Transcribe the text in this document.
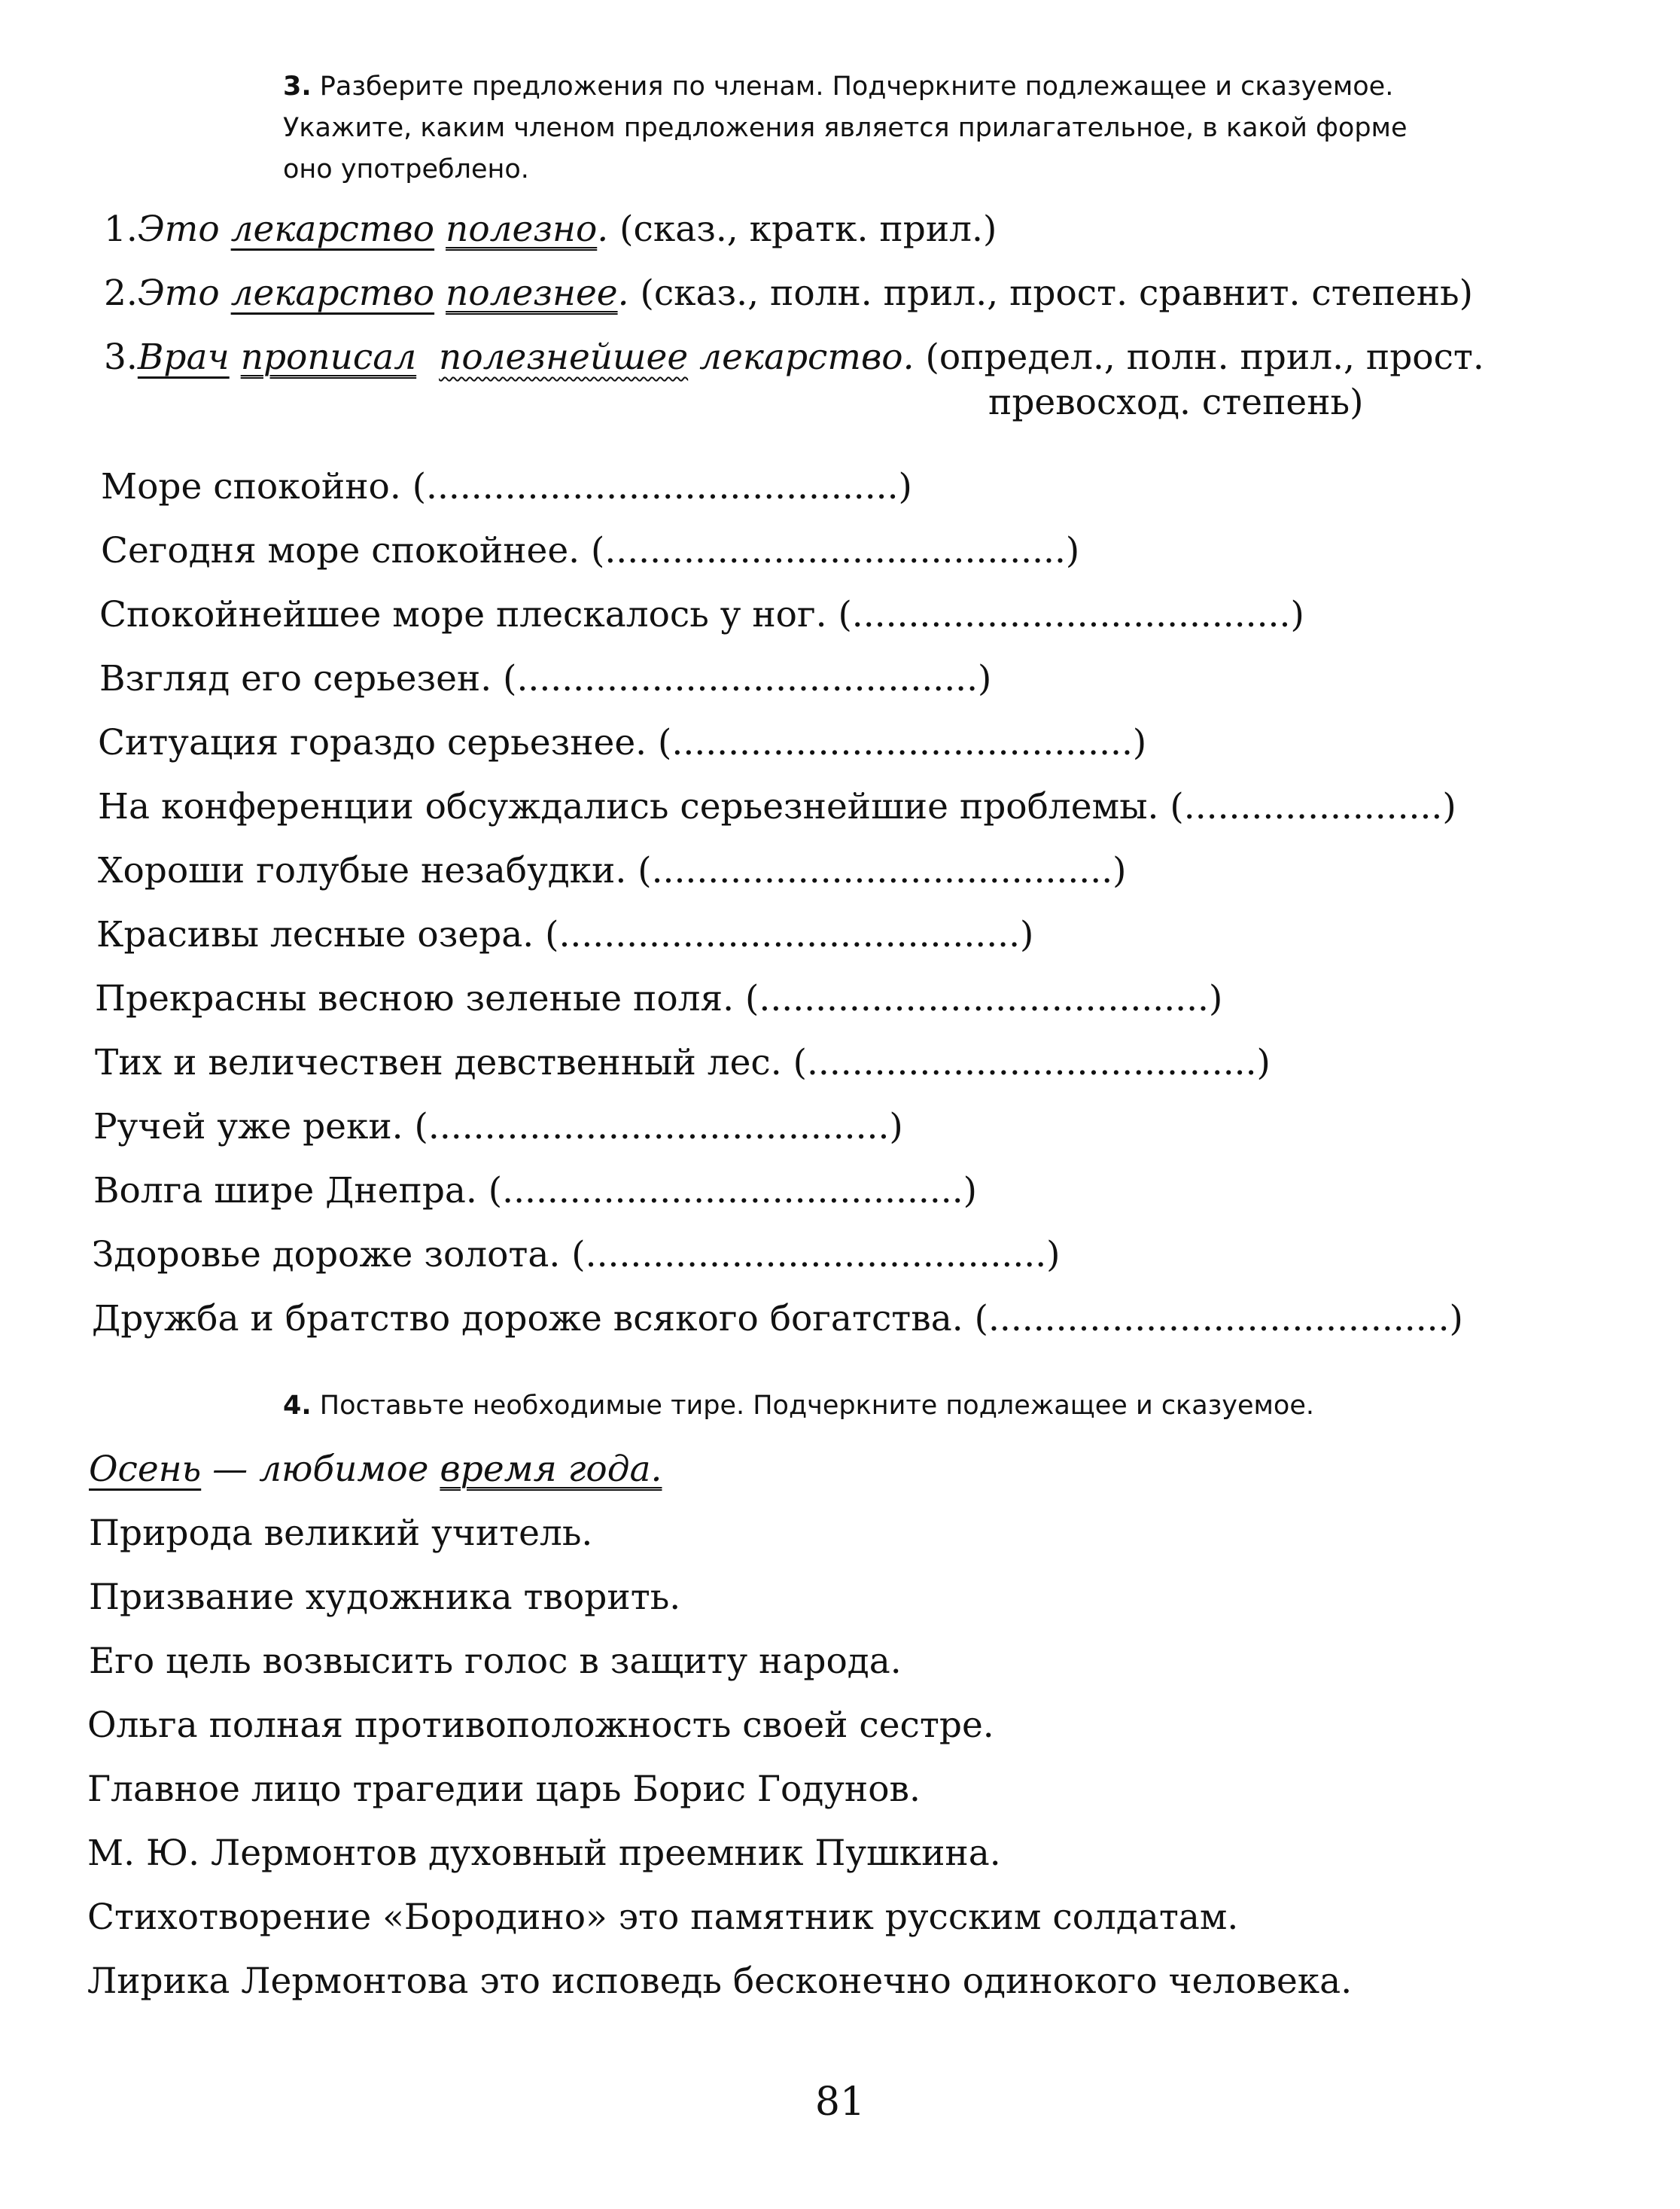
3. Разберите предложения по членам. Подчеркните подлежащее и сказуемое. Укажите, каким членом предложения является прилагательное, в какой форме оно употреблено.
1.Это лекарство полезно. (сказ., кратк. прил.)
2.Это лекарство полезнее. (сказ., полн. прил., прост. сравнит. степень)
3.Врач прописал полезнейшее лекарство. (определ., полн. прил., прост.
превосход. степень)
Море спокойно. (..........................................)
Сегодня море спокойнее. (.........................................)
Спокойнейшее море плескалось у ног. (.......................................)
Взгляд его серьезен. (.........................................)
Ситуация гораздо серьезнее. (.........................................)
На конференции обсуждались серьезнейшие проблемы. (.......................)
Хороши голубые незабудки. (.........................................)
Красивы лесные озера. (.........................................)
Прекрасны весною зеленые поля. (........................................)
Тих и величествен девственный лес. (........................................)
Ручей уже реки. (.........................................)
Волга шире Днепра. (.........................................)
Здоровье дороже золота. (.........................................)
Дружба и братство дороже всякого богатства. (.........................................)
4. Поставьте необходимые тире. Подчеркните подлежащее и сказуемое.
Осень — любимое время года.
Природа великий учитель.
Призвание художника творить.
Его цель возвысить голос в защиту народа.
Ольга полная противоположность своей сестре.
Главное лицо трагедии царь Борис Годунов.
М. Ю. Лермонтов духовный преемник Пушкина.
Стихотворение «Бородино» это памятник русским солдатам.
Лирика Лермонтова это исповедь бесконечно одинокого человека.
81
